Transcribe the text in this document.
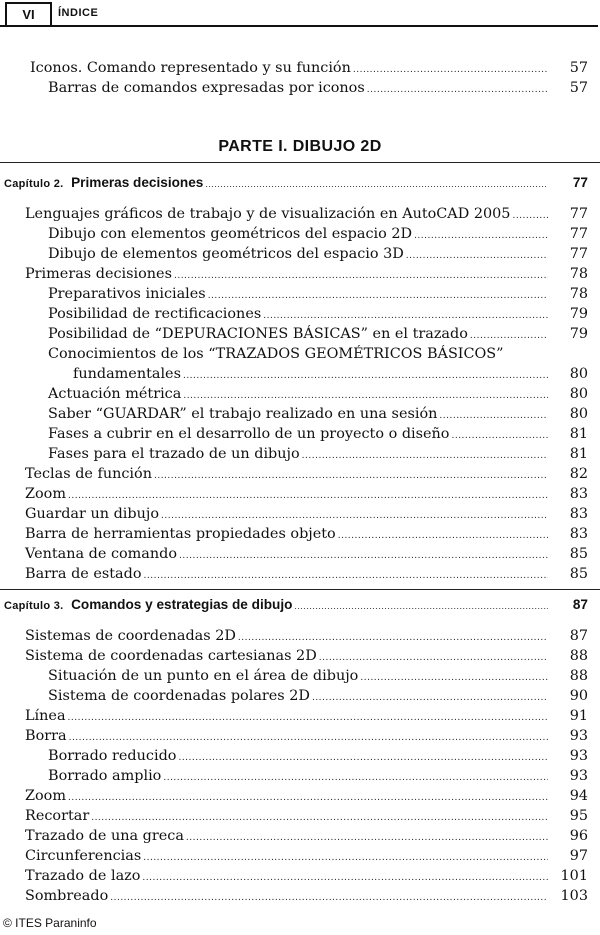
VI	ÍNDICE
Iconos. Comando representado y su función .....	57
Barras de comandos expresadas por iconos .....	57
PARTE I. DIBUJO 2D
Capítulo 2. Primeras decisiones .....	77
Lenguajes gráficos de trabajo y de visualización en AutoCAD 2005 .....	77
Dibujo con elementos geométricos del espacio 2D .....	77
Dibujo de elementos geométricos del espacio 3D .....	77
Primeras decisiones .....	78
Preparativos iniciales .....	78
Posibilidad de rectificaciones .....	79
Posibilidad de “DEPURACIONES BÁSICAS” en el trazado .....	79
Conocimientos de los “TRAZADOS GEOMÉTRICOS BÁSICOS”
fundamentales .....	80
Actuación métrica .....	80
Saber “GUARDAR” el trabajo realizado en una sesión .....	80
Fases a cubrir en el desarrollo de un proyecto o diseño .....	81
Fases para el trazado de un dibujo .....	81
Teclas de función .....	82
Zoom .....	83
Guardar un dibujo .....	83
Barra de herramientas propiedades objeto .....	83
Ventana de comando .....	85
Barra de estado .....	85
Capítulo 3. Comandos y estrategias de dibujo .....	87
Sistemas de coordenadas 2D .....	87
Sistema de coordenadas cartesianas 2D .....	88
Situación de un punto en el área de dibujo .....	88
Sistema de coordenadas polares 2D .....	90
Línea .....	91
Borra .....	93
Borrado reducido .....	93
Borrado amplio .....	93
Zoom .....	94
Recortar .....	95
Trazado de una greca .....	96
Circunferencias .....	97
Trazado de lazo .....	101
Sombreado .....	103
© ITES Paraninfo
